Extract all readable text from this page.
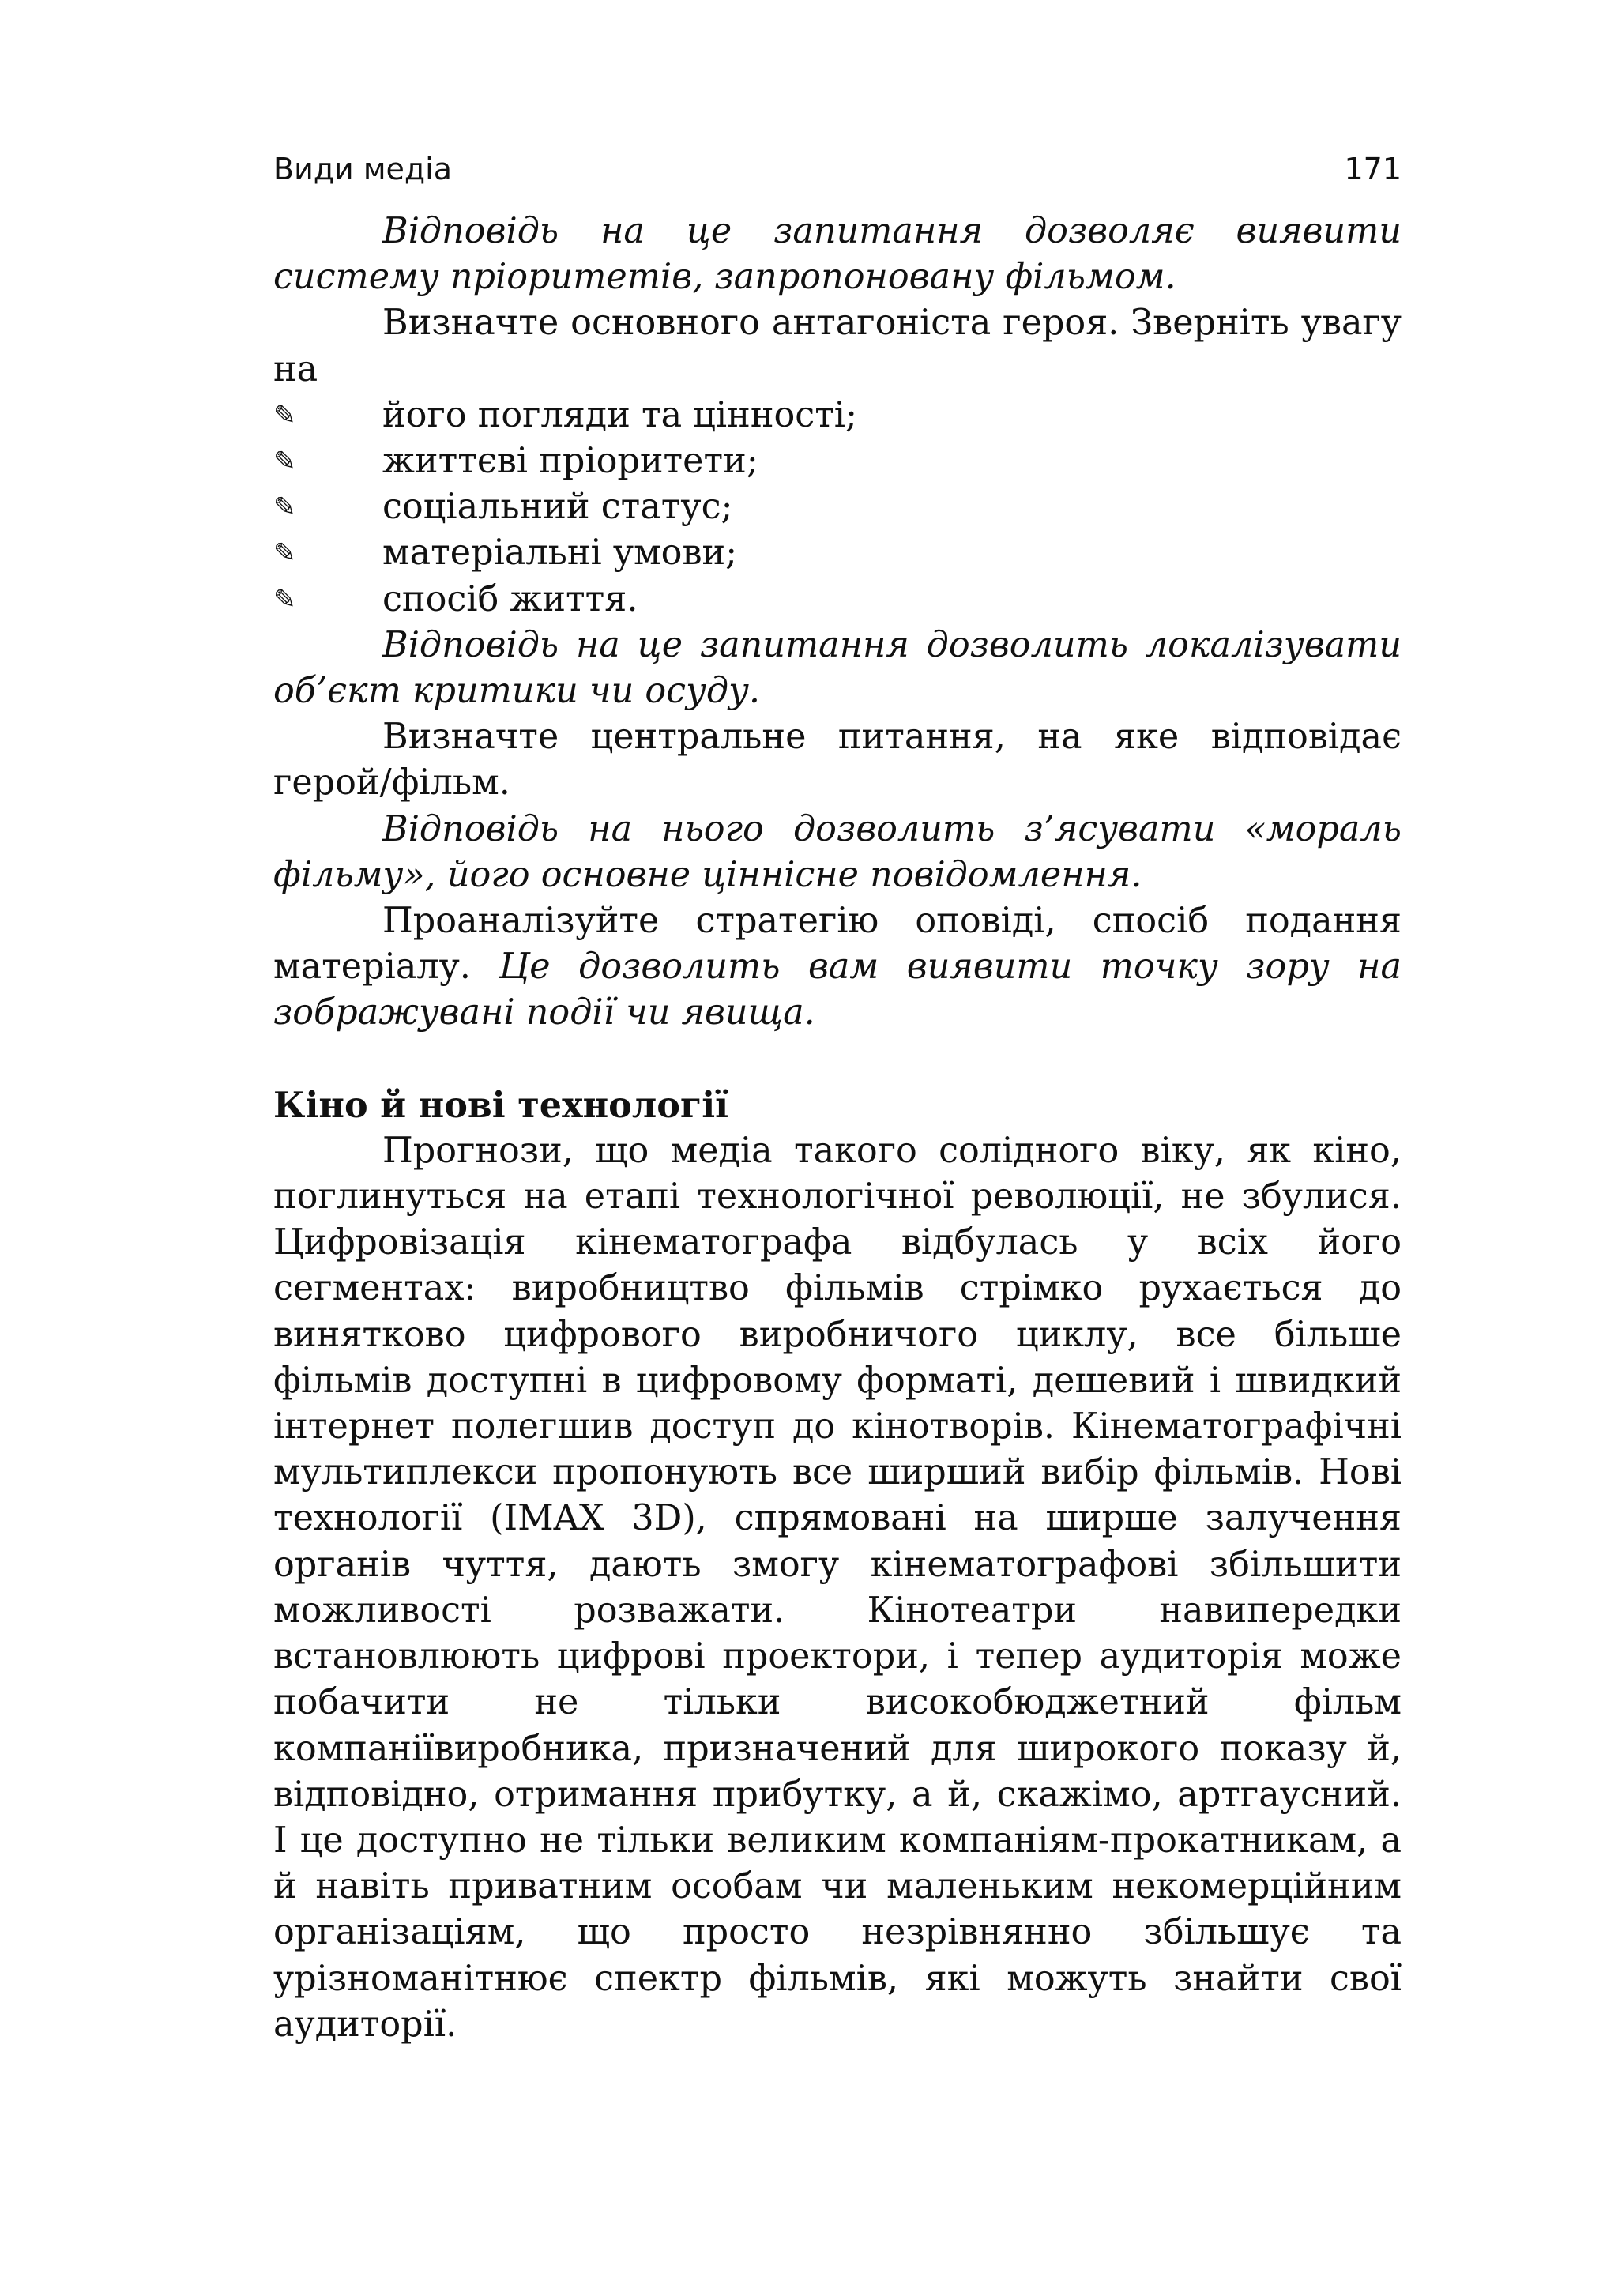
Види медіа	171

Відповідь на це запитання дозволяє виявити систему пріоритетів, запропоновану фільмом.

Визначте основного антагоніста героя. Зверніть увагу на

✎	його погляди та цінності;
✎	життєві пріоритети;
✎	соціальний статус;
✎	матеріальні умови;
✎	спосіб життя.

Відповідь на це запитання дозволить локалізувати об’єкт критики чи осуду.

Визначте центральне питання, на яке відповідає герой/фільм.

Відповідь на нього дозволить з’ясувати «мораль фільму», його основне ціннісне повідомлення.

Проаналізуйте стратегію оповіді, спосіб подання матеріалу. Це дозволить вам виявити точку зору на зображувані події чи явища.

Кіно й нові технології

Прогнози, що медіа такого солідного віку, як кіно, поглинуться на етапі технологічної революції, не збулися. Цифровізація кінематографа відбулась у всіх його сегментах: виробництво фільмів стрімко рухається до винятково цифрового виробничого циклу, все більше фільмів доступні в цифровому форматі, дешевий і швидкий інтернет полегшив доступ до кінотворів. Кінематографічні мультиплекси пропонують все ширший вибір фільмів. Нові технології (IMAX 3D), спрямовані на ширше залучення органів чуття, дають змогу кінематографові збільшити можливості розважати. Кінотеатри навипередки встановлюють цифрові проектори, і тепер аудиторія може побачити не тільки високобюджетний фільм компаніївиробника, призначений для широкого показу й, відповідно, отримання прибутку, а й, скажімо, артгаусний. І це доступно не тільки великим компаніям-прокатникам, а й навіть приватним особам чи маленьким некомерційним організаціям, що просто незрівнянно збільшує та урізноманітнює спектр фільмів, які можуть знайти свої аудиторії.
